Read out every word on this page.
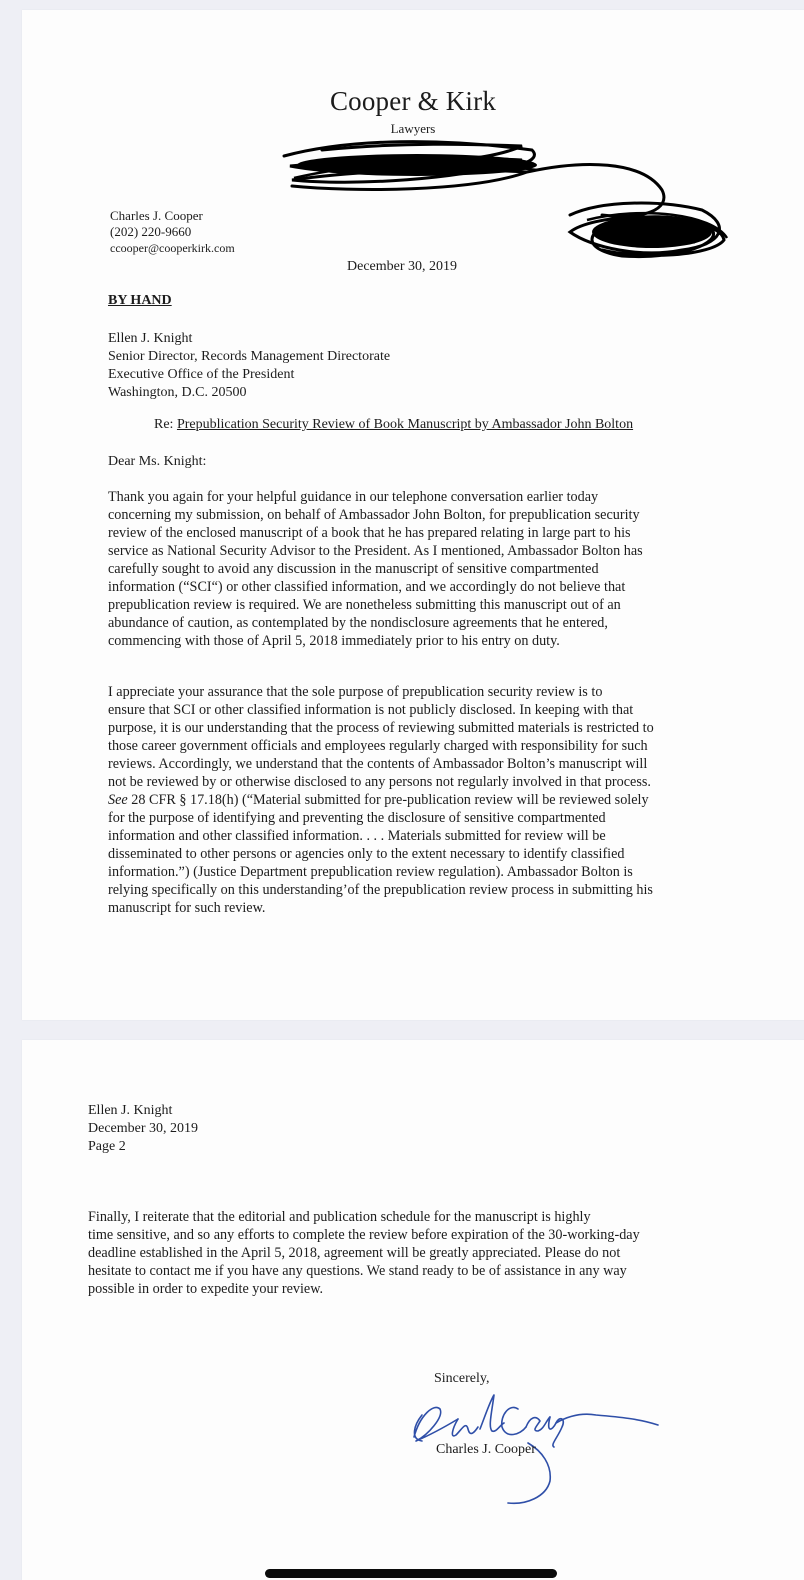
Cooper & Kirk
Lawyers
Charles J. Cooper
(202) 220-9660
ccooper@cooperkirk.com
December 30, 2019
BY HAND
Ellen J. Knight
Senior Director, Records Management Directorate
Executive Office of the President
Washington, D.C. 20500
Re: Prepublication Security Review of Book Manuscript by Ambassador John Bolton
Dear Ms. Knight:
Thank you again for your helpful guidance in our telephone conversation earlier today
concerning my submission, on behalf of Ambassador John Bolton, for prepublication security
review of the enclosed manuscript of a book that he has prepared relating in large part to his
service as National Security Advisor to the President. As I mentioned, Ambassador Bolton has
carefully sought to avoid any discussion in the manuscript of sensitive compartmented
information (“SCI“) or other classified information, and we accordingly do not believe that
prepublication review is required. We are nonetheless submitting this manuscript out of an
abundance of caution, as contemplated by the nondisclosure agreements that he entered,
commencing with those of April 5, 2018 immediately prior to his entry on duty.
I appreciate your assurance that the sole purpose of prepublication security review is to
ensure that SCI or other classified information is not publicly disclosed. In keeping with that
purpose, it is our understanding that the process of reviewing submitted materials is restricted to
those career government officials and employees regularly charged with responsibility for such
reviews. Accordingly, we understand that the contents of Ambassador Bolton’s manuscript will
not be reviewed by or otherwise disclosed to any persons not regularly involved in that process.
See 28 CFR § 17.18(h) (“Material submitted for pre-publication review will be reviewed solely
for the purpose of identifying and preventing the disclosure of sensitive compartmented
information and other classified information. . . . Materials submitted for review will be
disseminated to other persons or agencies only to the extent necessary to identify classified
information.”) (Justice Department prepublication review regulation). Ambassador Bolton is
relying specifically on this understanding’of the prepublication review process in submitting his
manuscript for such review.
Ellen J. Knight
December 30, 2019
Page 2
Finally, I reiterate that the editorial and publication schedule for the manuscript is highly
time sensitive, and so any efforts to complete the review before expiration of the 30-working-day
deadline established in the April 5, 2018, agreement will be greatly appreciated. Please do not
hesitate to contact me if you have any questions. We stand ready to be of assistance in any way
possible in order to expedite your review.
Sincerely,
Charles J. Cooper
